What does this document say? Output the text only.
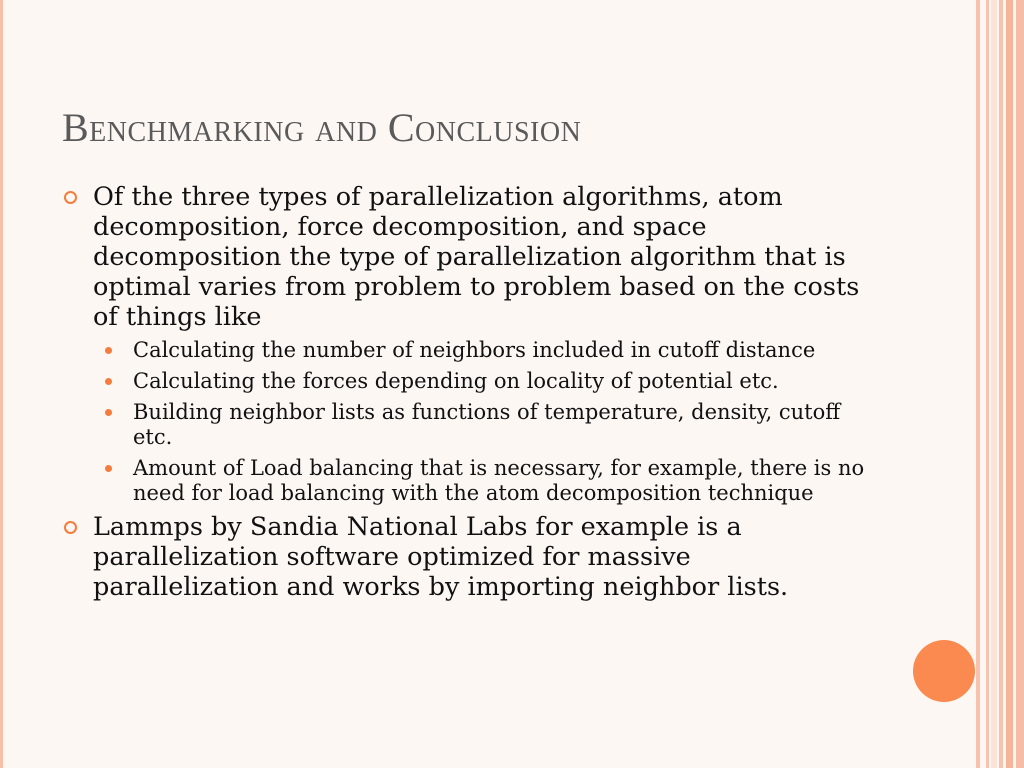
Benchmarking and Conclusion
Of the three types of parallelization algorithms, atom decomposition, force decomposition, and space decomposition the type of parallelization algorithm that is optimal varies from problem to problem based on the costs of things like
Calculating the number of neighbors included in cutoff distance
Calculating the forces depending on locality of potential etc.
Building neighbor lists as functions of temperature, density, cutoff etc.
Amount of Load balancing that is necessary, for example, there is no need for load balancing with the atom decomposition technique
Lammps by Sandia National Labs for example is a parallelization software optimized for massive parallelization and works by importing neighbor lists.
